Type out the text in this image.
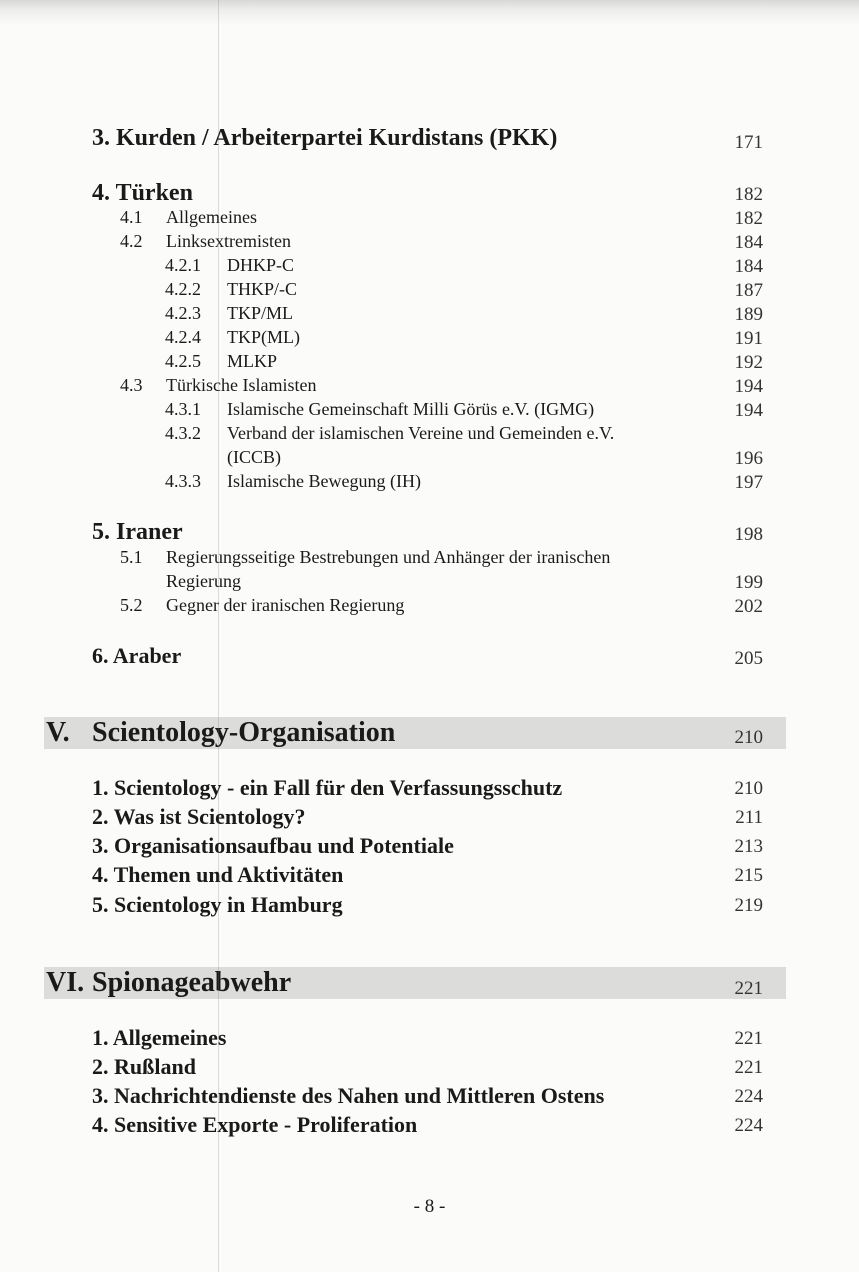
3. Kurden / Arbeiterpartei Kurdistans (PKK)	171
4. Türken	182
4.1 Allgemeines	182
4.2 Linksextremisten	184
4.2.1 DHKP-C	184
4.2.2 THKP/-C	187
4.2.3 TKP/ML	189
4.2.4 TKP(ML)	191
4.2.5 MLKP	192
4.3 Türkische Islamisten	194
4.3.1 Islamische Gemeinschaft Milli Görüs e.V. (IGMG)	194
4.3.2 Verband der islamischen Vereine und Gemeinden e.V.
(ICCB)	196
4.3.3 Islamische Bewegung (IH)	197
5. Iraner	198
5.1 Regierungsseitige Bestrebungen und Anhänger der iranischen
Regierung	199
5.2 Gegner der iranischen Regierung	202
6. Araber	205
V. Scientology-Organisation	210
1. Scientology - ein Fall für den Verfassungsschutz	210
2. Was ist Scientology?	211
3. Organisationsaufbau und Potentiale	213
4. Themen und Aktivitäten	215
5. Scientology in Hamburg	219
VI. Spionageabwehr	221
1. Allgemeines	221
2. Rußland	221
3. Nachrichtendienste des Nahen und Mittleren Ostens	224
4. Sensitive Exporte - Proliferation	224
- 8 -
